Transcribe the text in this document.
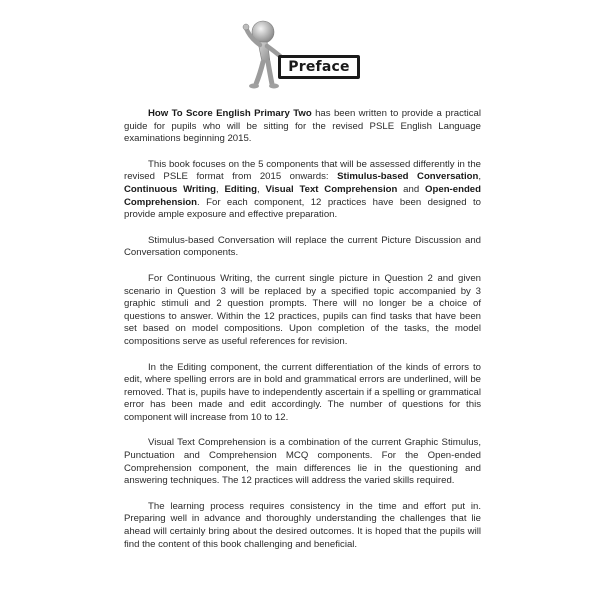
Preface

How To Score English Primary Two has been written to provide a practical guide for pupils who will be sitting for the revised PSLE English Language examinations beginning 2015.

This book focuses on the 5 components that will be assessed differently in the revised PSLE format from 2015 onwards: Stimulus-based Conversation, Continuous Writing, Editing, Visual Text Comprehension and Open-ended Comprehension. For each component, 12 practices have been designed to provide ample exposure and effective preparation.

Stimulus-based Conversation will replace the current Picture Discussion and Conversation components.

For Continuous Writing, the current single picture in Question 2 and given scenario in Question 3 will be replaced by a specified topic accompanied by 3 graphic stimuli and 2 question prompts. There will no longer be a choice of questions to answer. Within the 12 practices, pupils can find tasks that have been set based on model compositions. Upon completion of the tasks, the model compositions serve as useful references for revision.

In the Editing component, the current differentiation of the kinds of errors to edit, where spelling errors are in bold and grammatical errors are underlined, will be removed. That is, pupils have to independently ascertain if a spelling or grammatical error has been made and edit accordingly. The number of questions for this component will increase from 10 to 12.

Visual Text Comprehension is a combination of the current Graphic Stimulus, Punctuation and Comprehension MCQ components. For the Open-ended Comprehension component, the main differences lie in the questioning and answering techniques. The 12 practices will address the varied skills required.

The learning process requires consistency in the time and effort put in. Preparing well in advance and thoroughly understanding the challenges that lie ahead will certainly bring about the desired outcomes. It is hoped that the pupils will find the content of this book challenging and beneficial.
